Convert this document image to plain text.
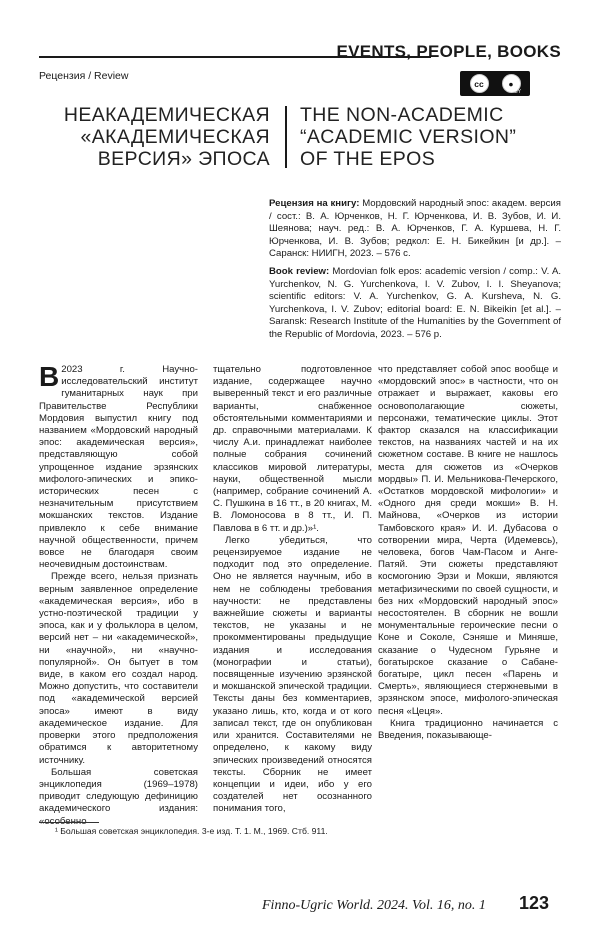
EVENTS, PEOPLE, BOOKS
Рецензия / Review
cc	●
BY
НЕАКАДЕМИЧЕСКАЯ
«АКАДЕМИЧЕСКАЯ
ВЕРСИЯ» ЭПОСА
THE NON-ACADEMIC
“ACADEMIC VERSION”
OF THE EPOS
Рецензия на книгу: Мордовский народный эпос: академ. версия / сост.: В. А. Юрченков, Н. Г. Юрченкова, И. В. Зубов, И. И. Шеянова; науч. ред.: В. А. Юрченков, Г. А. Куршева, Н. Г. Юрченкова, И. В. Зубов; редкол: Е. Н. Бикейкин [и др.]. – Саранск: НИИГН, 2023. – 576 с.
Book review: Mordovian folk epos: academic version / comp.: V. A. Yurchenkov, N. G. Yurchenkova, I. V. Zubov, I. I. Sheyanova; scientific editors: V. A. Yurchenkov, G. A. Kursheva, N. G. Yurchenkova, I. V. Zubov; editorial board: E. N. Bikeikin [et al.]. – Saransk: Research Institute of the Humanities by the Government of the Republic of Mordovia, 2023. – 576 p.

В 2023 г. Научно-исследовательский институт гуманитарных наук при Правительстве Республики Мордовия выпустил книгу под названием «Мордовский народный эпос: академическая версия», представляющую собой упрощенное издание эрзянских мифолого-эпических и эпико-исторических песен с незначительным присутствием мокшанских текстов. Издание привлекло к себе внимание научной общественности, причем вовсе не благодаря своим неочевидным достоинствам.

Прежде всего, нельзя признать верным заявленное определение «академическая версия», ибо в устно-поэтической традиции у эпоса, как и у фольклора в целом, версий нет – ни «академической», ни «научной», ни «научно-популярной». Он бытует в том виде, в каком его создал народ. Можно допустить, что составители под «академической версией эпоса» имеют в виду академическое издание. Для проверки этого предположения обратимся к авторитетному источнику.

Большая советская энциклопедия (1969–1978) приводит следующую дефиницию академического издания:

тщательно подготовленное издание, содержащее научно выверенный текст и его различные варианты, снабженное обстоятельными комментариями и др. справочными материалами. К числу А.и. принадлежат наиболее полные собрания сочинений классиков мировой литературы, науки, общественной мысли (например, собрание сочинений А. С. Пушкина в 16 тт., в 20 книгах, М. В. Ломоносова в 8 тт., И. П. Павлова в 6 тт. и др.)»¹.

Легко убедиться, что рецензируемое издание не подходит под это определение. Оно не является научным, ибо в нем не соблюдены требования научности: не представлены важнейшие сюжеты и варианты текстов, не указаны и не прокомментированы предыдущие издания и исследования (монографии и статьи), посвященные изучению эрзянской и мокшанской эпической традиции. Тексты даны без комментариев, указано лишь, кто, когда и от кого записал текст, где он опубликован или хранится. Составителями не определено, к какому виду эпических произведений относятся тексты. Сборник не имеет концепции и идеи, ибо у его создателей нет осознанного понимания того,

что представляет собой эпос вообще и «мордовский эпос» в частности, что он отражает и выражает, каковы его основополагающие сюжеты, персонажи, тематические циклы. Этот фактор сказался на классификации текстов, на названиях частей и на их сюжетном составе. В книге не нашлось места для сюжетов из «Очерков мордвы» П. И. Мельникова-Печерского, «Остатков мордовской мифологии» и «Одного дня среди мокши» В. Н. Майнова, «Очерков из истории Тамбовского края» И. И. Дубасова о сотворении мира, Черта (Идемевсь), человека, богов Чам-Пасом и Анге-Патяй. Эти сюжеты представляют космогонию Эрзи и Мокши, являются метафизическими по своей сущности, и без них «Мордовский народный эпос» несостоятелен. В сборник не вошли монументальные героические песни о Коне и Соколе, Сэняше и Миняше, сказание о Чудесном Гурьяне и богатырское сказание о Сабане-богатыре, цикл песен «Парень и Смерть», являющиеся стержневыми в эрзянском эпосе, мифолого-эпическая песня «Цеця».

Книга традиционно начинается с Введения, показывающе-

¹ Большая советская энциклопедия. 3-е изд. Т. 1. М., 1969. Стб. 911.
Finno-Ugric World. 2024. Vol. 16, no. 1 123
